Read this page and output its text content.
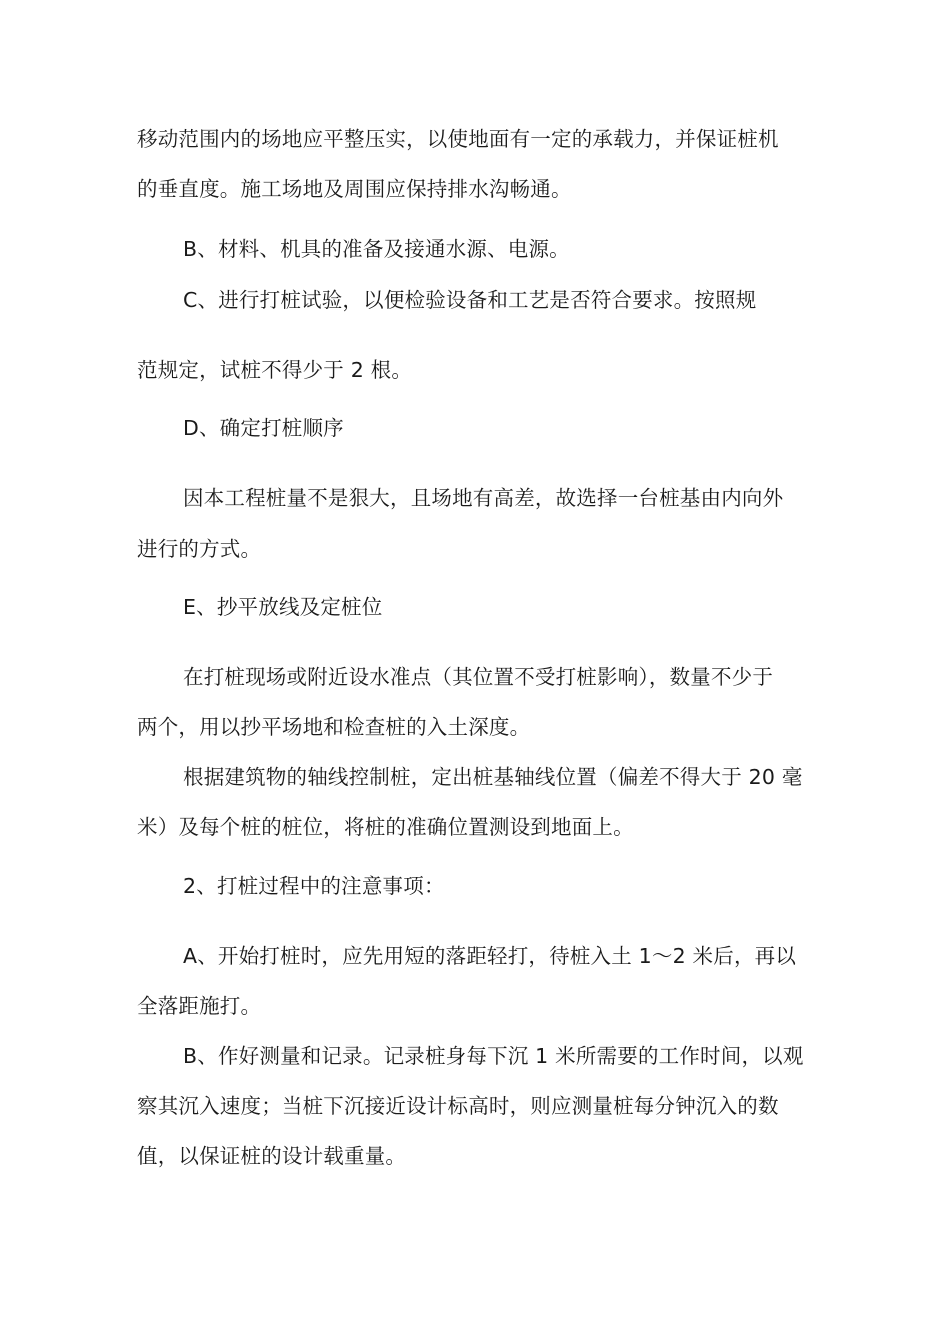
移动范围内的场地应平整压实，以使地面有一定的承载力，并保证桩机
的垂直度。施工场地及周围应保持排水沟畅通。
B、材料、机具的准备及接通水源、电源。
C、进行打桩试验，以便检验设备和工艺是否符合要求。按照规
范规定，试桩不得少于 2 根。
D、确定打桩顺序
因本工程桩量不是狠大，且场地有高差，故选择一台桩基由内向外
进行的方式。
E、抄平放线及定桩位
在打桩现场或附近设水准点（其位置不受打桩影响），数量不少于
两个，用以抄平场地和检查桩的入土深度。
根据建筑物的轴线控制桩，定出桩基轴线位置（偏差不得大于 20 毫
米）及每个桩的桩位，将桩的准确位置测设到地面上。
2、打桩过程中的注意事项：
A、开始打桩时，应先用短的落距轻打，待桩入土 1〜2 米后，再以
全落距施打。
B、作好测量和记录。记录桩身每下沉 1 米所需要的工作时间，以观
察其沉入速度；当桩下沉接近设计标高时，则应测量桩每分钟沉入的数
值，以保证桩的设计载重量。
